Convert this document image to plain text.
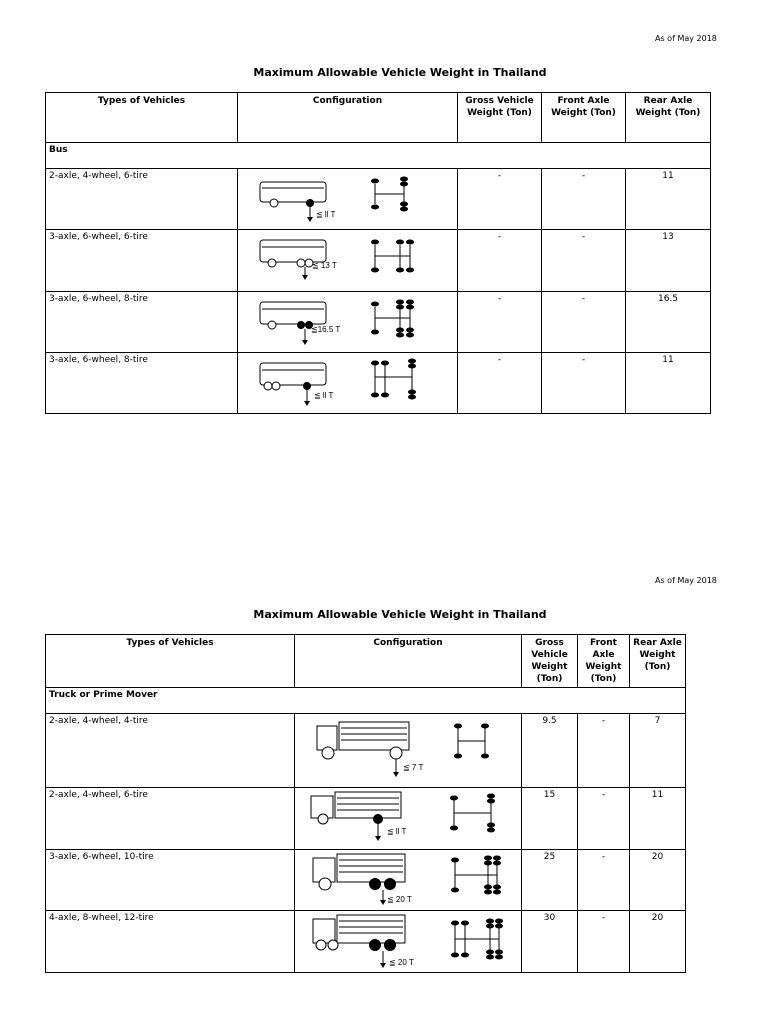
As of May 2018
Maximum Allowable Vehicle Weight in Thailand
Types of Vehicles	Configuration	Gross Vehicle Weight (Ton)	Front Axle Weight (Ton)	Rear Axle Weight (Ton)
Bus				
2-axle, 4-wheel, 6-tire	≦ ll T	-	-	11
3-axle, 6-wheel, 6-tire	≦ 13 T	-	-	13
3-axle, 6-wheel, 8-tire	≦16.5 T	-	-	16.5
3-axle, 6-wheel, 8-tire	≦ ll T	-	-	11
As of May 2018
Maximum Allowable Vehicle Weight in Thailand
Types of Vehicles	Configuration	Gross Vehicle Weight (Ton)	Front Axle Weight (Ton)	Rear Axle Weight (Ton)
Truck or Prime Mover				
2-axle, 4-wheel, 4-tire	≦ 7 T	9.5	-	7
2-axle, 4-wheel, 6-tire	≦ ll T	15	-	11
3-axle, 6-wheel, 10-tire	≦ 20 T	25	-	20
4-axle, 8-wheel, 12-tire	≦ 20 T	30	-	20
